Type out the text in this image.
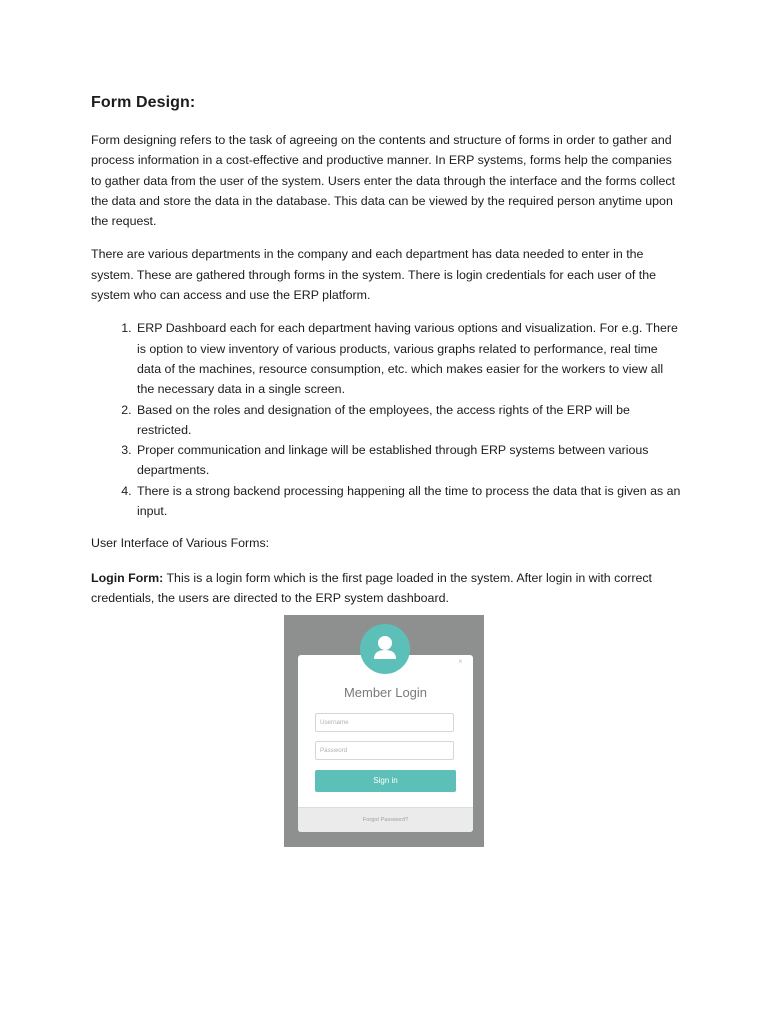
Form Design:

Form designing refers to the task of agreeing on the contents and structure of forms in order to gather and process information in a cost-effective and productive manner. In ERP systems, forms help the companies to gather data from the user of the system. Users enter the data through the interface and the forms collect the data and store the data in the database. This data can be viewed by the required person anytime upon the request.

There are various departments in the company and each department has data needed to enter in the system. These are gathered through forms in the system. There is login credentials for each user of the system who can access and use the ERP platform.

1. ERP Dashboard each for each department having various options and visualization. For e.g. There is option to view inventory of various products, various graphs related to performance, real time data of the machines, resource consumption, etc. which makes easier for the workers to view all the necessary data in a single screen.
2. Based on the roles and designation of the employees, the access rights of the ERP will be restricted.
3. Proper communication and linkage will be established through ERP systems between various departments.
4. There is a strong backend processing happening all the time to process the data that is given as an input.

User Interface of Various Forms:

Login Form: This is a login form which is the first page loaded in the system. After login in with correct credentials, the users are directed to the ERP system dashboard.

Forgot Password?
×
Member Login
Username
Password
Sign in
